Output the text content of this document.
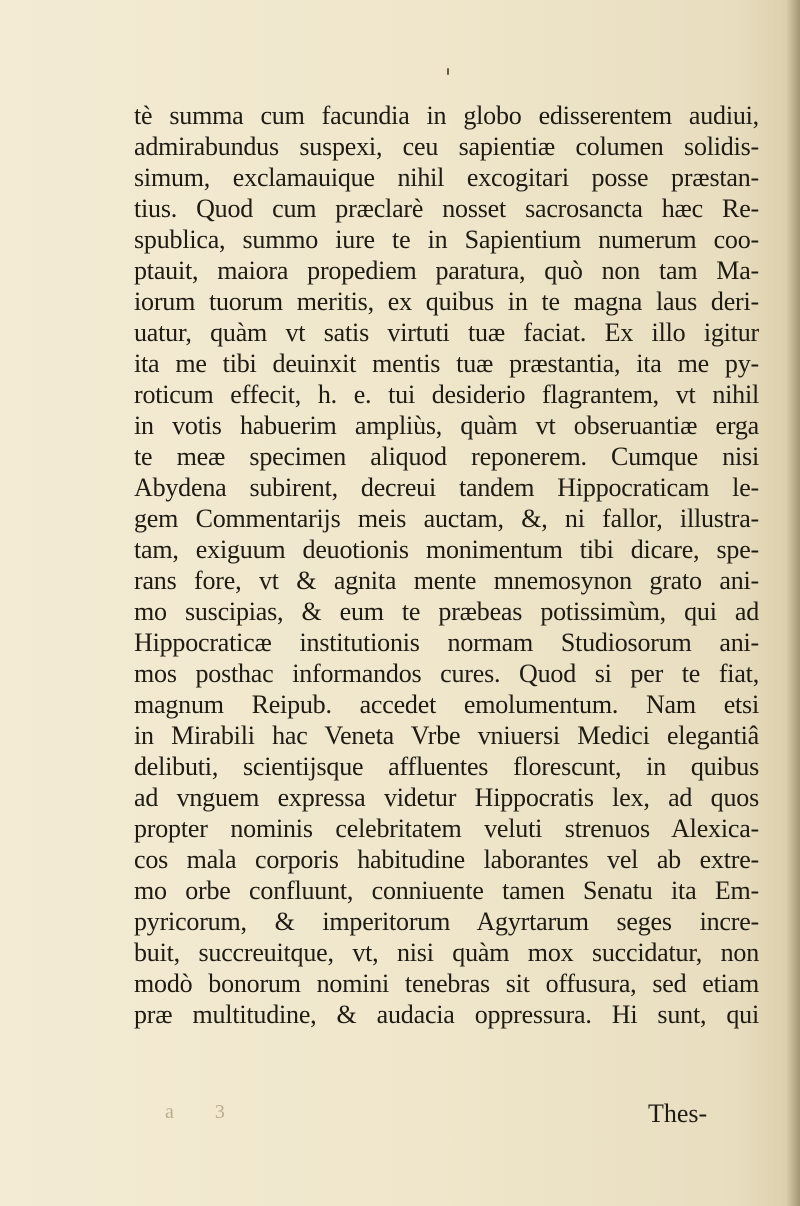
tè summa cum facundia in globo edisserentem audiui,
admirabundus suspexi, ceu sapientiæ columen solidis-
simum, exclamauique nihil excogitari posse præstan-
tius. Quod cum præclarè nosset sacrosancta hæc Re-
spublica, summo iure te in Sapientium numerum coo-
ptauit, maiora propediem paratura, quò non tam Ma-
iorum tuorum meritis, ex quibus in te magna laus deri-
uatur, quàm vt satis virtuti tuæ faciat. Ex illo igitur
ita me tibi deuinxit mentis tuæ præstantia, ita me py-
roticum effecit, h. e. tui desiderio flagrantem, vt nihil
in votis habuerim ampliùs, quàm vt obseruantiæ erga
te meæ specimen aliquod reponerem. Cumque nisi
Abydena subirent, decreui tandem Hippocraticam le-
gem Commentarijs meis auctam, &, ni fallor, illustra-
tam, exiguum deuotionis monimentum tibi dicare, spe-
rans fore, vt & agnita mente mnemosynon grato ani-
mo suscipias, & eum te præbeas potissimùm, qui ad
Hippocraticæ institutionis normam Studiosorum ani-
mos posthac informandos cures. Quod si per te fiat,
magnum Reipub. accedet emolumentum. Nam etsi
in Mirabili hac Veneta Vrbe vniuersi Medici elegantiâ
delibuti, scientijsque affluentes florescunt, in quibus
ad vnguem expressa videtur Hippocratis lex, ad quos
propter nominis celebritatem veluti strenuos Alexica-
cos mala corporis habitudine laborantes vel ab extre-
mo orbe confluunt, conniuente tamen Senatu ita Em-
pyricorum, & imperitorum Agyrtarum seges incre-
buit, succreuitque, vt, nisi quàm mox succidatur, non
modò bonorum nomini tenebras sit offusura, sed etiam
præ multitudine, & audacia oppressura. Hi sunt, qui
a 3	Thes-
